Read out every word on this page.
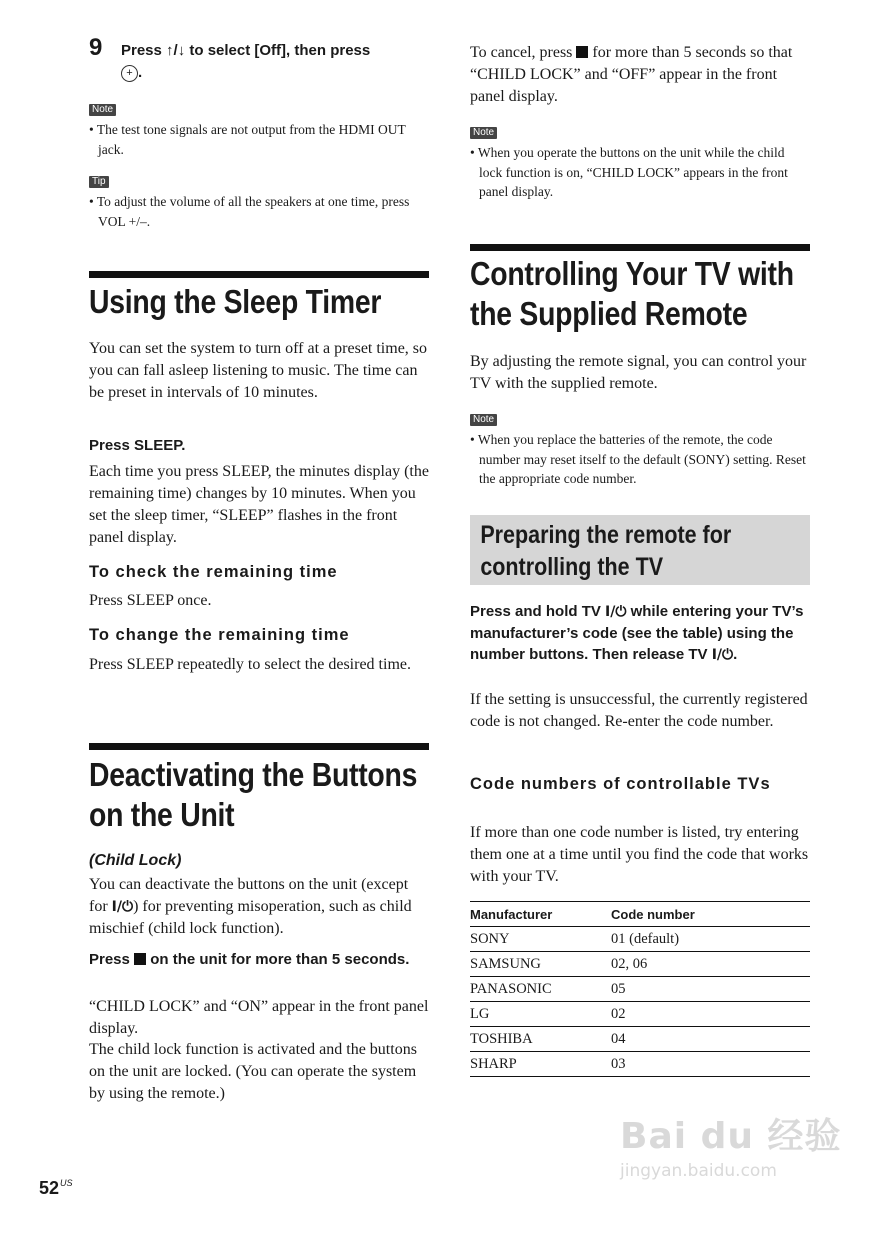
9 Press ↑/↓ to select [Off], then press
+ .
Note
• The test tone signals are not output from the HDMI OUT jack.
Tip
• To adjust the volume of all the speakers at one time, press VOL +/–.
Using the Sleep Timer
You can set the system to turn off at a preset time, so you can fall asleep listening to music. The time can be preset in intervals of 10 minutes.
Press SLEEP.
Each time you press SLEEP, the minutes display (the remaining time) changes by 10 minutes. When you set the sleep timer, “SLEEP” flashes in the front panel display.
To check the remaining time
Press SLEEP once.
To change the remaining time
Press SLEEP repeatedly to select the desired time.
Deactivating the Buttons
on the Unit
(Child Lock)
You can deactivate the buttons on the unit (except for I/⏻) for preventing misoperation, such as child mischief (child lock function).
Press  on the unit for more than 5 seconds.
“CHILD LOCK” and “ON” appear in the front panel display.
The child lock function is activated and the buttons on the unit are locked. (You can operate the system by using the remote.)
To cancel, press  for more than 5 seconds so that “CHILD LOCK” and “OFF” appear in the front panel display.
Note
• When you operate the buttons on the unit while the child lock function is on, “CHILD LOCK” appears in the front panel display.
Controlling Your TV with
the Supplied Remote
By adjusting the remote signal, you can control your TV with the supplied remote.
Note
• When you replace the batteries of the remote, the code number may reset itself to the default (SONY) setting. Reset the appropriate code number.
Preparing the remote for
controlling the TV
Press and hold TV I/⏻ while entering your TV’s manufacturer’s code (see the table) using the number buttons. Then release TV I/⏻.
If the setting is unsuccessful, the currently registered code is not changed. Re-enter the code number.
Code numbers of controllable TVs
If more than one code number is listed, try entering them one at a time until you find the code that works with your TV.
Manufacturer	Code number
SONY	01 (default)
SAMSUNG	02, 06
PANASONIC	05
LG	02
TOSHIBA	04
SHARP	03
$52^{US}$
Bai du 经验
jingyan.baidu.com
